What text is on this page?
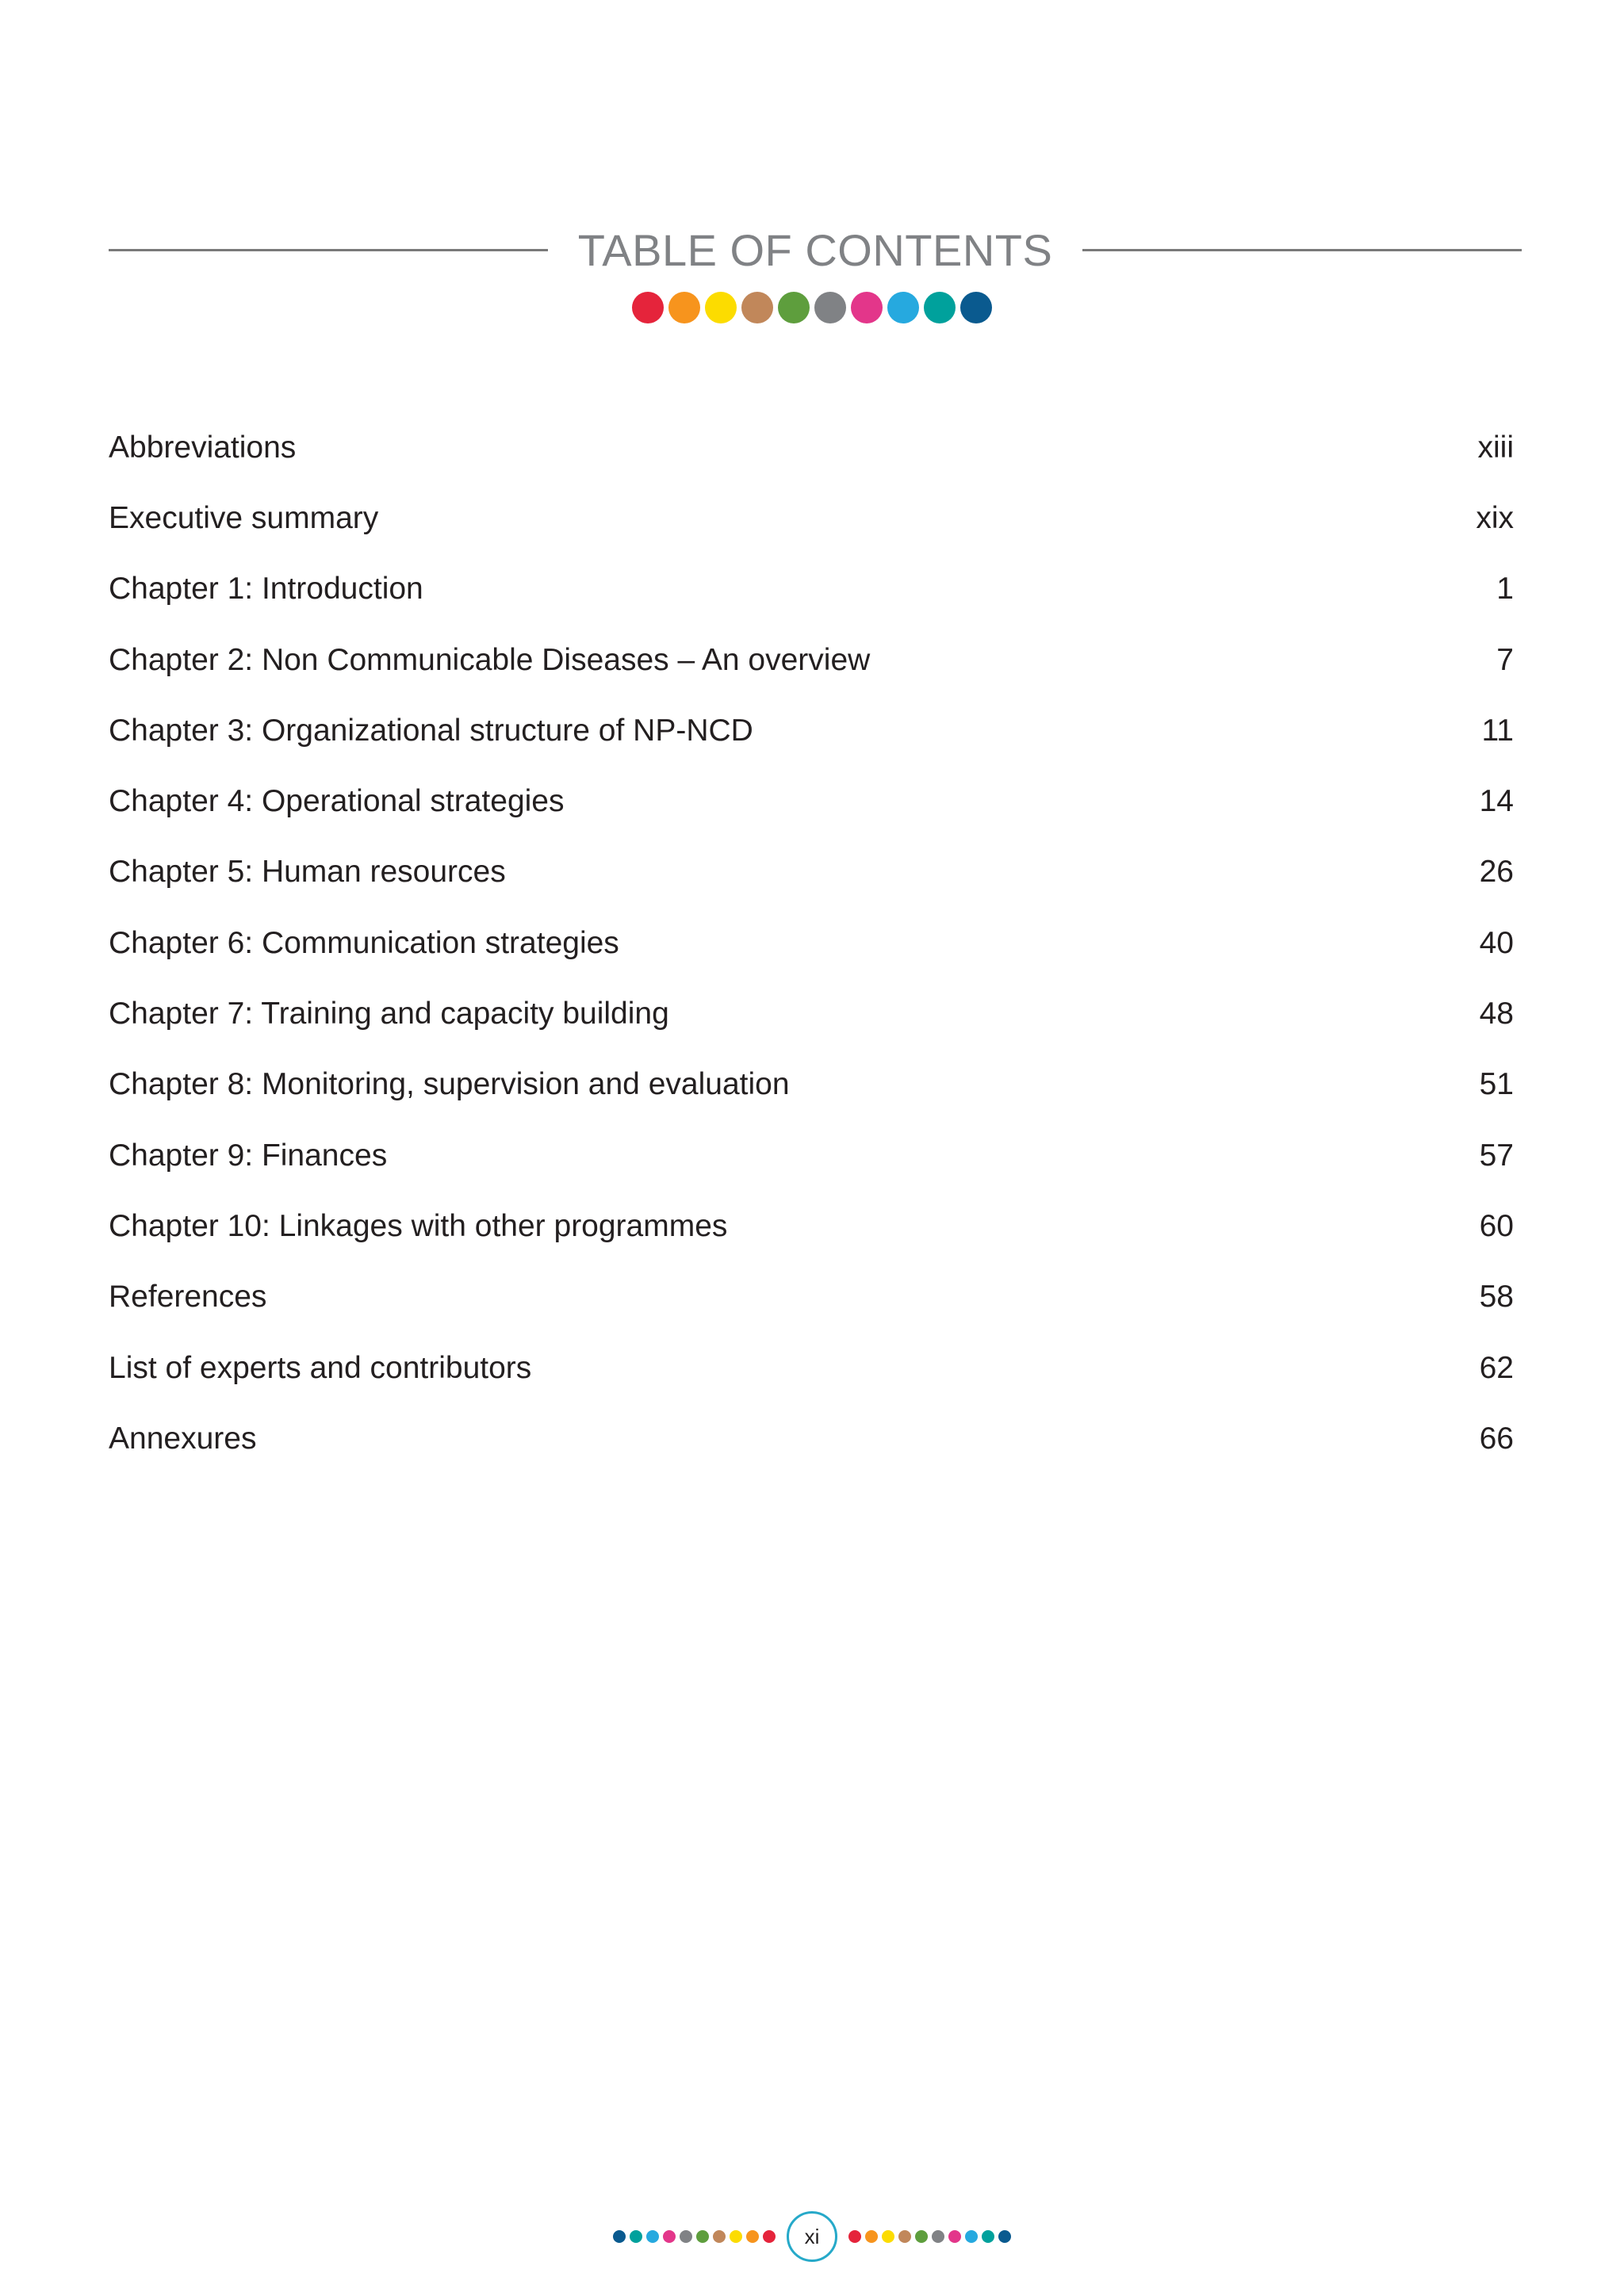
TABLE OF CONTENTS
Abbreviations	xiii
Executive summary	xix
Chapter 1: Introduction	1
Chapter 2: Non Communicable Diseases – An overview	7
Chapter 3: Organizational structure of NP-NCD	11
Chapter 4: Operational strategies	14
Chapter 5: Human resources	26
Chapter 6: Communication strategies	40
Chapter 7: Training and capacity building	48
Chapter 8: Monitoring, supervision and evaluation	51
Chapter 9: Finances	57
Chapter 10: Linkages with other programmes	60
References	58
List of experts and contributors	62
Annexures	66
xi
